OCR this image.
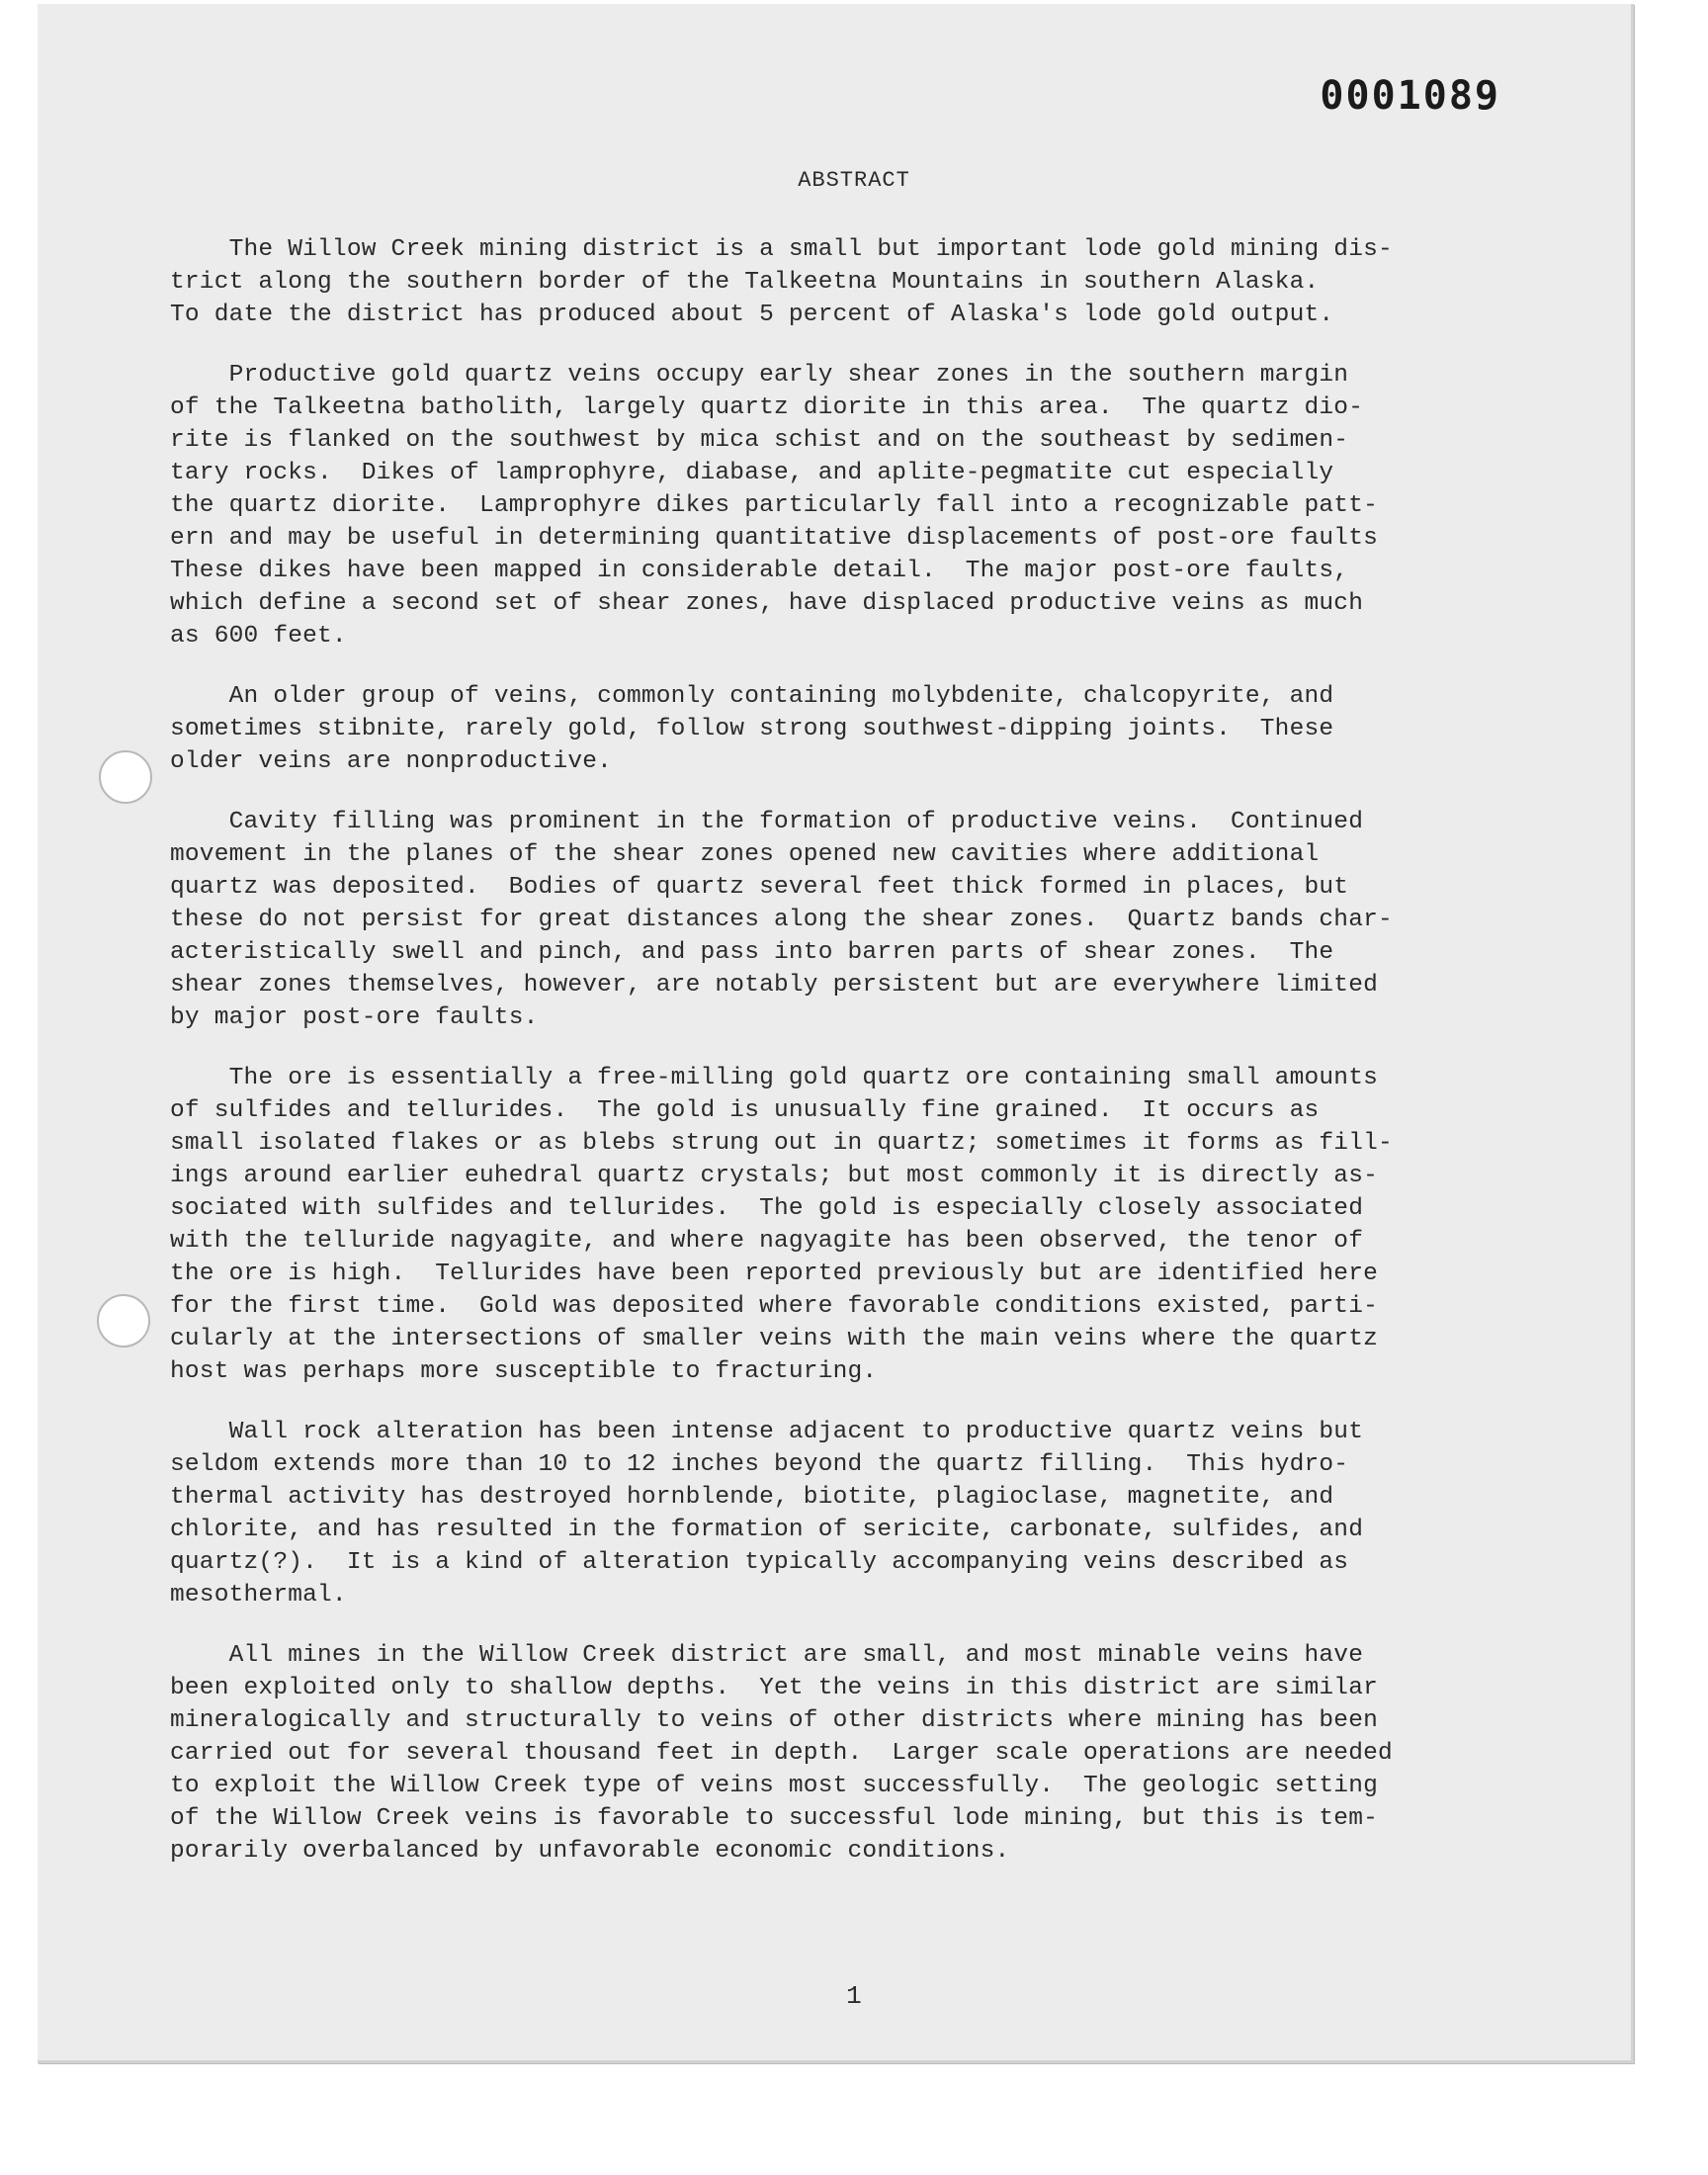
0001089
ABSTRACT
The Willow Creek mining district is a small but important lode gold mining dis-
trict along the southern border of the Talkeetna Mountains in southern Alaska.
To date the district has produced about 5 percent of Alaska's lode gold output.
Productive gold quartz veins occupy early shear zones in the southern margin
of the Talkeetna batholith, largely quartz diorite in this area.  The quartz dio-
rite is flanked on the southwest by mica schist and on the southeast by sedimen-
tary rocks.  Dikes of lamprophyre, diabase, and aplite-pegmatite cut especially
the quartz diorite.  Lamprophyre dikes particularly fall into a recognizable patt-
ern and may be useful in determining quantitative displacements of post-ore faults
These dikes have been mapped in considerable detail.  The major post-ore faults,
which define a second set of shear zones, have displaced productive veins as much
as 600 feet.
An older group of veins, commonly containing molybdenite, chalcopyrite, and
sometimes stibnite, rarely gold, follow strong southwest-dipping joints.  These
older veins are nonproductive.
Cavity filling was prominent in the formation of productive veins.  Continued
movement in the planes of the shear zones opened new cavities where additional
quartz was deposited.  Bodies of quartz several feet thick formed in places, but
these do not persist for great distances along the shear zones.  Quartz bands char-
acteristically swell and pinch, and pass into barren parts of shear zones.  The
shear zones themselves, however, are notably persistent but are everywhere limited
by major post-ore faults.
The ore is essentially a free-milling gold quartz ore containing small amounts
of sulfides and tellurides.  The gold is unusually fine grained.  It occurs as
small isolated flakes or as blebs strung out in quartz; sometimes it forms as fill-
ings around earlier euhedral quartz crystals; but most commonly it is directly as-
sociated with sulfides and tellurides.  The gold is especially closely associated
with the telluride nagyagite, and where nagyagite has been observed, the tenor of
the ore is high.  Tellurides have been reported previously but are identified here
for the first time.  Gold was deposited where favorable conditions existed, parti-
cularly at the intersections of smaller veins with the main veins where the quartz
host was perhaps more susceptible to fracturing.
Wall rock alteration has been intense adjacent to productive quartz veins but
seldom extends more than 10 to 12 inches beyond the quartz filling.  This hydro-
thermal activity has destroyed hornblende, biotite, plagioclase, magnetite, and
chlorite, and has resulted in the formation of sericite, carbonate, sulfides, and
quartz(?).  It is a kind of alteration typically accompanying veins described as
mesothermal.
All mines in the Willow Creek district are small, and most minable veins have
been exploited only to shallow depths.  Yet the veins in this district are similar
mineralogically and structurally to veins of other districts where mining has been
carried out for several thousand feet in depth.  Larger scale operations are needed
to exploit the Willow Creek type of veins most successfully.  The geologic setting
of the Willow Creek veins is favorable to successful lode mining, but this is tem-
porarily overbalanced by unfavorable economic conditions.
1
